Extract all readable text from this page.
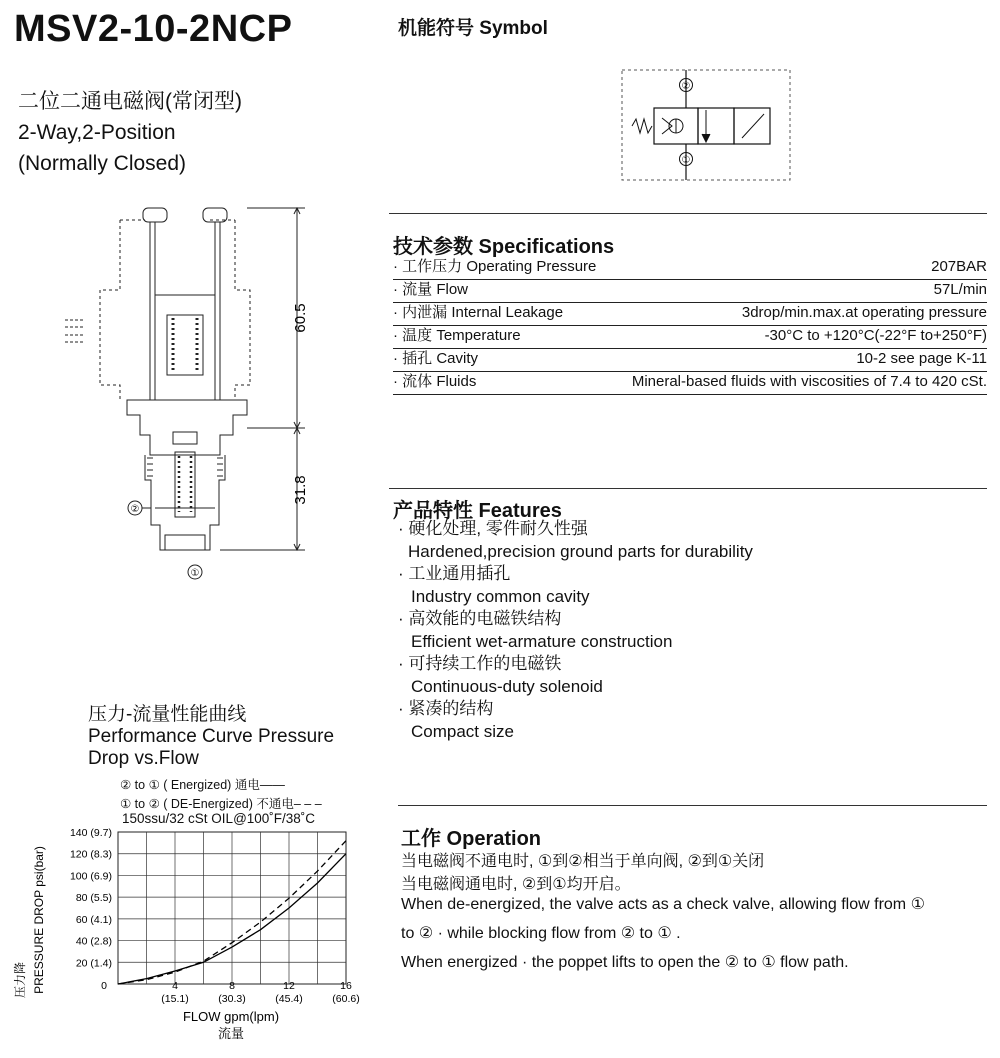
MSV2-10-2NCP
二位二通电磁阀(常闭型)
2-Way,2-Position
(Normally Closed)
机能符号 Symbol
②
①
技术参数 Specifications
· 工作压力 Operating Pressure	207BAR
· 流量 Flow	57L/min
· 内泄漏 Internal Leakage	3drop/min.max.at operating pressure
· 温度 Temperature	-30°C to +120°C(-22°F to+250°F)
· 插孔 Cavity	10-2 see page K-11
· 流体 Fluids	Mineral-based fluids with viscosities of 7.4 to 420 cSt.
产品特性 Features
· 硬化处理, 零件耐久性强
Hardened,precision ground parts for durability
· 工业通用插孔
Industry common cavity
· 高效能的电磁铁结构
Efficient wet-armature construction
· 可持续工作的电磁铁
Continuous-duty solenoid
· 紧凑的结构
Compact size
工作 Operation
当电磁阀不通电时, ①到②相当于单向阀, ②到①关闭
当电磁阀通电时, ②到①均开启。
When de-energized, the valve acts as a check valve, allowing flow from ①
to ② · while blocking flow from ② to ① .
When energized · the poppet lifts to open the ② to ① flow path.
60.5
31.8
②
①
压力-流量性能曲线
Performance Curve Pressure
Drop vs.Flow
② to ① ( Energized) 通电——
① to ② ( DE-Energized) 不通电– – –
150ssu/32 cSt OIL@100˚F/38˚C
20 (1.4)
40 (2.8)
60 (4.1)
80 (5.5)
100 (6.9)
120 (8.3)
140 (9.7)
0	4
(15.1)
8
(30.3)
12
(45.4)
16
(60.6)
压力降 PRESSURE DROP psi(bar)
FLOW gpm(lpm)
流量
